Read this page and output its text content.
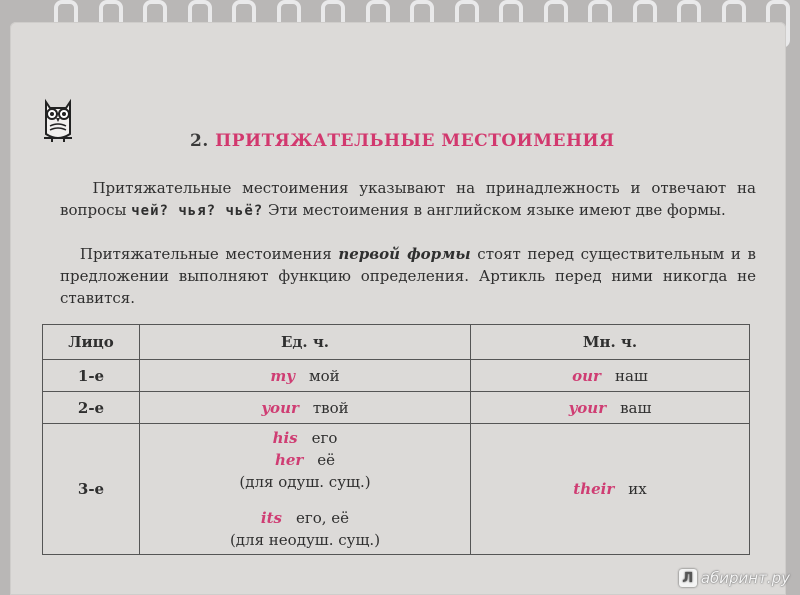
2. ПРИТЯЖАТЕЛЬНЫЕ МЕСТОИМЕНИЯ

Притяжательные местоимения указывают на принадлежность и отвечают на вопросы чей? чья? чьё? Эти местоимения в английском языке имеют две формы.

Притяжательные местоимения первой формы стоят перед существительным и в предложении выполняют функцию определения. Артикль перед ними никогда не ставится.

Лицо	Ед. ч.	Мн. ч.
1-е	my мой	our наш
2-е	your твой	your ваш
3-е	his его
her её
(для одуш. сущ.)
its его, её
(для неодуш. сущ.)	their их
Л абиринт.ру
